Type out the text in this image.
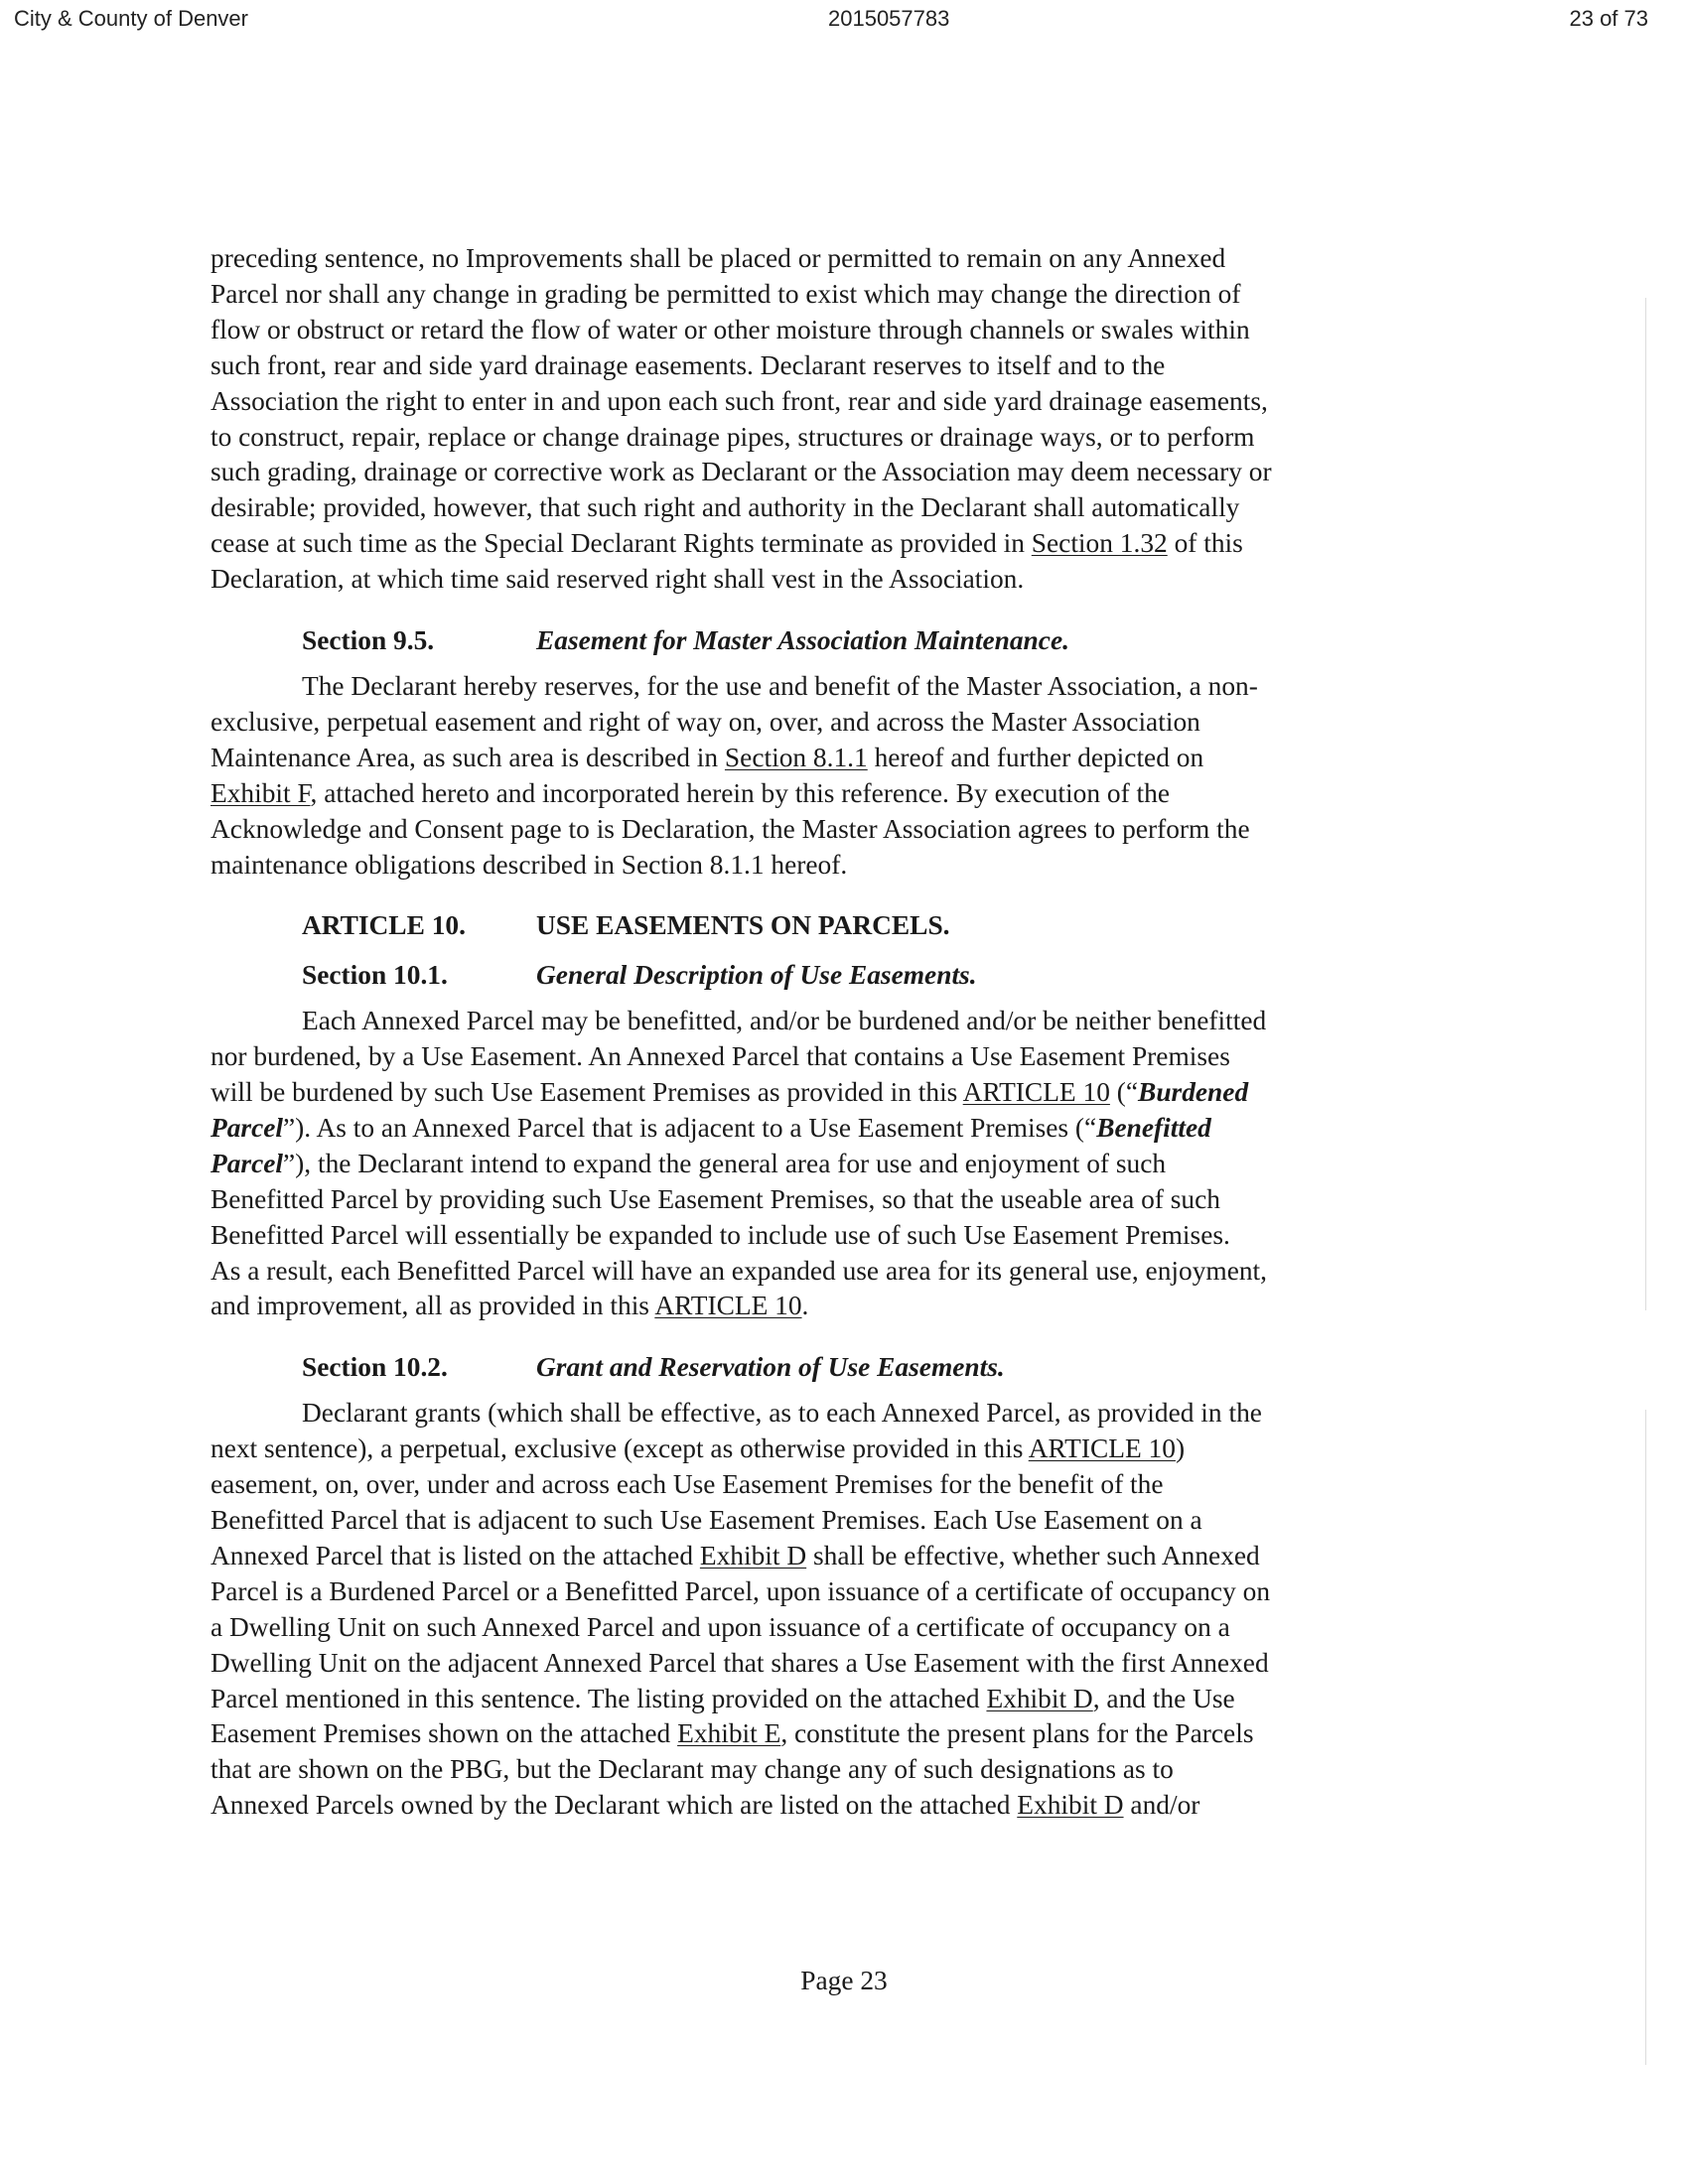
City & County of Denver	2015057783	23 of 73

preceding sentence, no Improvements shall be placed or permitted to remain on any Annexed
Parcel nor shall any change in grading be permitted to exist which may change the direction of
flow or obstruct or retard the flow of water or other moisture through channels or swales within
such front, rear and side yard drainage easements. Declarant reserves to itself and to the
Association the right to enter in and upon each such front, rear and side yard drainage easements,
to construct, repair, replace or change drainage pipes, structures or drainage ways, or to perform
such grading, drainage or corrective work as Declarant or the Association may deem necessary or
desirable; provided, however, that such right and authority in the Declarant shall automatically
cease at such time as the Special Declarant Rights terminate as provided in Section 1.32 of this
Declaration, at which time said reserved right shall vest in the Association.

Section 9.5.	Easement for Master Association Maintenance.

The Declarant hereby reserves, for the use and benefit of the Master Association, a non-
exclusive, perpetual easement and right of way on, over, and across the Master Association
Maintenance Area, as such area is described in Section 8.1.1 hereof and further depicted on
Exhibit F, attached hereto and incorporated herein by this reference. By execution of the
Acknowledge and Consent page to is Declaration, the Master Association agrees to perform the
maintenance obligations described in Section 8.1.1 hereof.

ARTICLE 10.	USE EASEMENTS ON PARCELS.
Section 10.1.	General Description of Use Easements.

Each Annexed Parcel may be benefitted, and/or be burdened and/or be neither benefitted
nor burdened, by a Use Easement. An Annexed Parcel that contains a Use Easement Premises
will be burdened by such Use Easement Premises as provided in this ARTICLE 10 (“Burdened
Parcel”). As to an Annexed Parcel that is adjacent to a Use Easement Premises (“Benefitted
Parcel”), the Declarant intend to expand the general area for use and enjoyment of such
Benefitted Parcel by providing such Use Easement Premises, so that the useable area of such
Benefitted Parcel will essentially be expanded to include use of such Use Easement Premises.
As a result, each Benefitted Parcel will have an expanded use area for its general use, enjoyment,
and improvement, all as provided in this ARTICLE 10.

Section 10.2.	Grant and Reservation of Use Easements.

Declarant grants (which shall be effective, as to each Annexed Parcel, as provided in the
next sentence), a perpetual, exclusive (except as otherwise provided in this ARTICLE 10)
easement, on, over, under and across each Use Easement Premises for the benefit of the
Benefitted Parcel that is adjacent to such Use Easement Premises. Each Use Easement on a
Annexed Parcel that is listed on the attached Exhibit D shall be effective, whether such Annexed
Parcel is a Burdened Parcel or a Benefitted Parcel, upon issuance of a certificate of occupancy on
a Dwelling Unit on such Annexed Parcel and upon issuance of a certificate of occupancy on a
Dwelling Unit on the adjacent Annexed Parcel that shares a Use Easement with the first Annexed
Parcel mentioned in this sentence. The listing provided on the attached Exhibit D, and the Use
Easement Premises shown on the attached Exhibit E, constitute the present plans for the Parcels
that are shown on the PBG, but the Declarant may change any of such designations as to
Annexed Parcels owned by the Declarant which are listed on the attached Exhibit D and/or

Page 23
